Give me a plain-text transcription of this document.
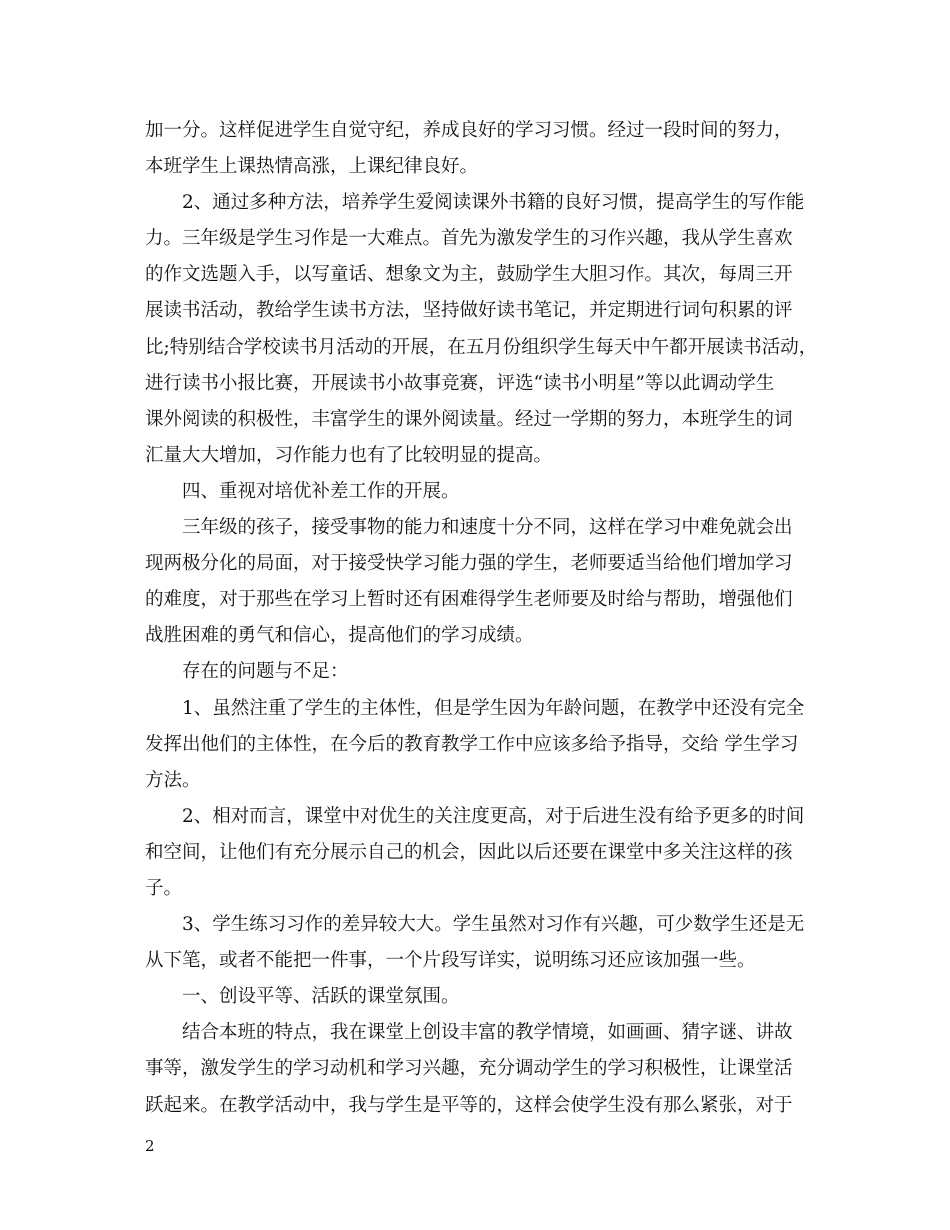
加一分。这样促进学生自觉守纪，养成良好的学习习惯。经过一段时间的努力，
本班学生上课热情高涨，上课纪律良好。
2、通过多种方法，培养学生爱阅读课外书籍的良好习惯，提高学生的写作能
力。三年级是学生习作是一大难点。首先为激发学生的习作兴趣，我从学生喜欢
的作文选题入手，以写童话、想象文为主，鼓励学生大胆习作。其次，每周三开
展读书活动，教给学生读书方法，坚持做好读书笔记，并定期进行词句积累的评
比;特别结合学校读书月活动的开展，在五月份组织学生每天中午都开展读书活动，
进行读书小报比赛，开展读书小故事竞赛，评选“读书小明星”等以此调动学生
课外阅读的积极性，丰富学生的课外阅读量。经过一学期的努力，本班学生的词
汇量大大增加，习作能力也有了比较明显的提高。
四、重视对培优补差工作的开展。
三年级的孩子，接受事物的能力和速度十分不同，这样在学习中难免就会出
现两极分化的局面，对于接受快学习能力强的学生，老师要适当给他们增加学习
的难度，对于那些在学习上暂时还有困难得学生老师要及时给与帮助，增强他们
战胜困难的勇气和信心，提高他们的学习成绩。
存在的问题与不足：
1、虽然注重了学生的主体性，但是学生因为年龄问题，在教学中还没有完全
发挥出他们的主体性，在今后的教育教学工作中应该多给予指导，交给 学生学习
方法。
2、相对而言，课堂中对优生的关注度更高，对于后进生没有给予更多的时间
和空间，让他们有充分展示自己的机会，因此以后还要在课堂中多关注这样的孩
子。
3、学生练习习作的差异较大大。学生虽然对习作有兴趣，可少数学生还是无
从下笔，或者不能把一件事，一个片段写详实，说明练习还应该加强一些。
一、创设平等、活跃的课堂氛围。
结合本班的特点，我在课堂上创设丰富的教学情境，如画画、猜字谜、讲故
事等，激发学生的学习动机和学习兴趣，充分调动学生的学习积极性，让课堂活
跃起来。在教学活动中，我与学生是平等的，这样会使学生没有那么紧张，对于
2
